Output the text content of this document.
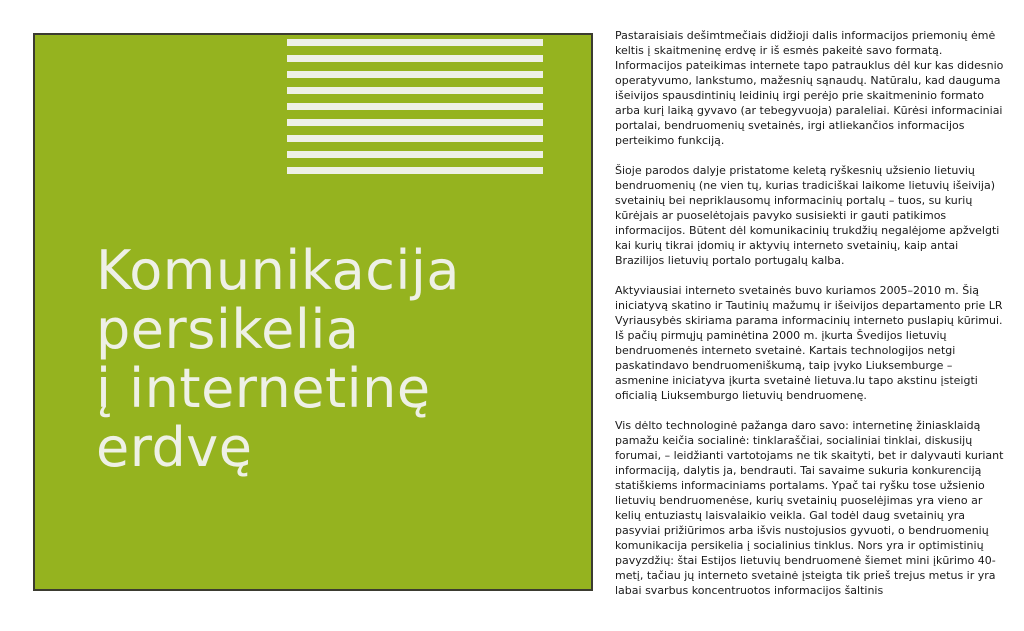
Komunikacija
persikelia
į internetinę
erdvę

Pastaraisiais dešimtmečiais didžioji dalis informacijos priemonių ėmė keltis į skaitmeninę erdvę ir iš esmės pakeitė savo formatą. Informacijos pateikimas internete tapo patrauklus dėl kur kas didesnio operatyvumo, lankstumo, mažesnių sąnaudų. Natūralu, kad dauguma išeivijos spausdintinių leidinių irgi perėjo prie skaitmeninio formato arba kurį laiką gyvavo (ar tebegyvuoja) paraleliai. Kūrėsi informaciniai portalai, bendruomenių svetainės, irgi atliekančios informacijos perteikimo funkciją.

Šioje parodos dalyje pristatome keletą ryškesnių užsienio lietuvių bendruomenių (ne vien tų, kurias tradiciškai laikome lietuvių išeivija) svetainių bei nepriklausomų informacinių portalų – tuos, su kurių kūrėjais ar puoselėtojais pavyko susisiekti ir gauti patikimos informacijos. Būtent dėl komunikacinių trukdžių negalėjome apžvelgti kai kurių tikrai įdomių ir aktyvių interneto svetainių, kaip antai Brazilijos lietuvių portalo portugalų kalba.

Aktyviausiai interneto svetainės buvo kuriamos 2005–2010 m. Šią iniciatyvą skatino ir Tautinių mažumų ir išeivijos departamento prie LR Vyriausybės skiriama parama informacinių interneto puslapių kūrimui. Iš pačių pirmųjų paminėtina 2000 m. įkurta Švedijos lietuvių bendruomenės interneto svetainė. Kartais technologijos netgi paskatindavo bendruomeniškumą, taip įvyko Liuksemburge – asmenine iniciatyva įkurta svetainė lietuva.lu tapo akstinu įsteigti oficialią Liuksemburgo lietuvių bendruomenę.

Vis dėlto technologinė pažanga daro savo: internetinę žiniasklaidą pamažu keičia socialinė: tinklaraščiai, socialiniai tinklai, diskusijų forumai, – leidžianti vartotojams ne tik skaityti, bet ir dalyvauti kuriant informaciją, dalytis ja, bendrauti. Tai savaime sukuria konkurenciją statiškiems informaciniams portalams. Ypač tai ryšku tose užsienio lietuvių bendruomenėse, kurių svetainių puoselėjimas yra vieno ar kelių entuziastų laisvalaikio veikla. Gal todėl daug svetainių yra pasyviai prižiūrimos arba išvis nustojusios gyvuoti, o bendruomenių komunikacija persikelia į socialinius tinklus. Nors yra ir optimistinių pavyzdžių: štai Estijos lietuvių bendruomenė šiemet mini įkūrimo 40-metį, tačiau jų interneto svetainė įsteigta tik prieš trejus metus ir yra labai svarbus koncentruotos informacijos šaltinis
